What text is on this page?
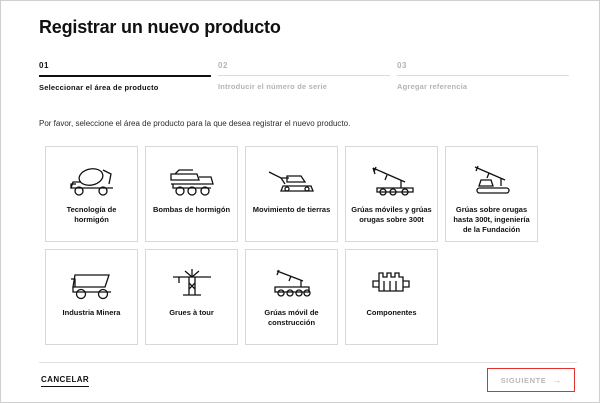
Registrar un nuevo producto
01
Seleccionar el área de producto
02
Introducir el número de serie
03
Agregar referencia
Por favor, seleccione el área de producto para la que desea registrar el nuevo producto.
Tecnología de hormigón
Bombas de hormigón	Movimiento de tierras	Grúas móviles y grúas orugas sobre 300t
Grúas sobre orugas hasta 300t, ingeniería de la Fundación
Industria Minera	Grues à tour	Grúas móvil de construcción
Componentes
CANCELAR	SIGUIENTE →
